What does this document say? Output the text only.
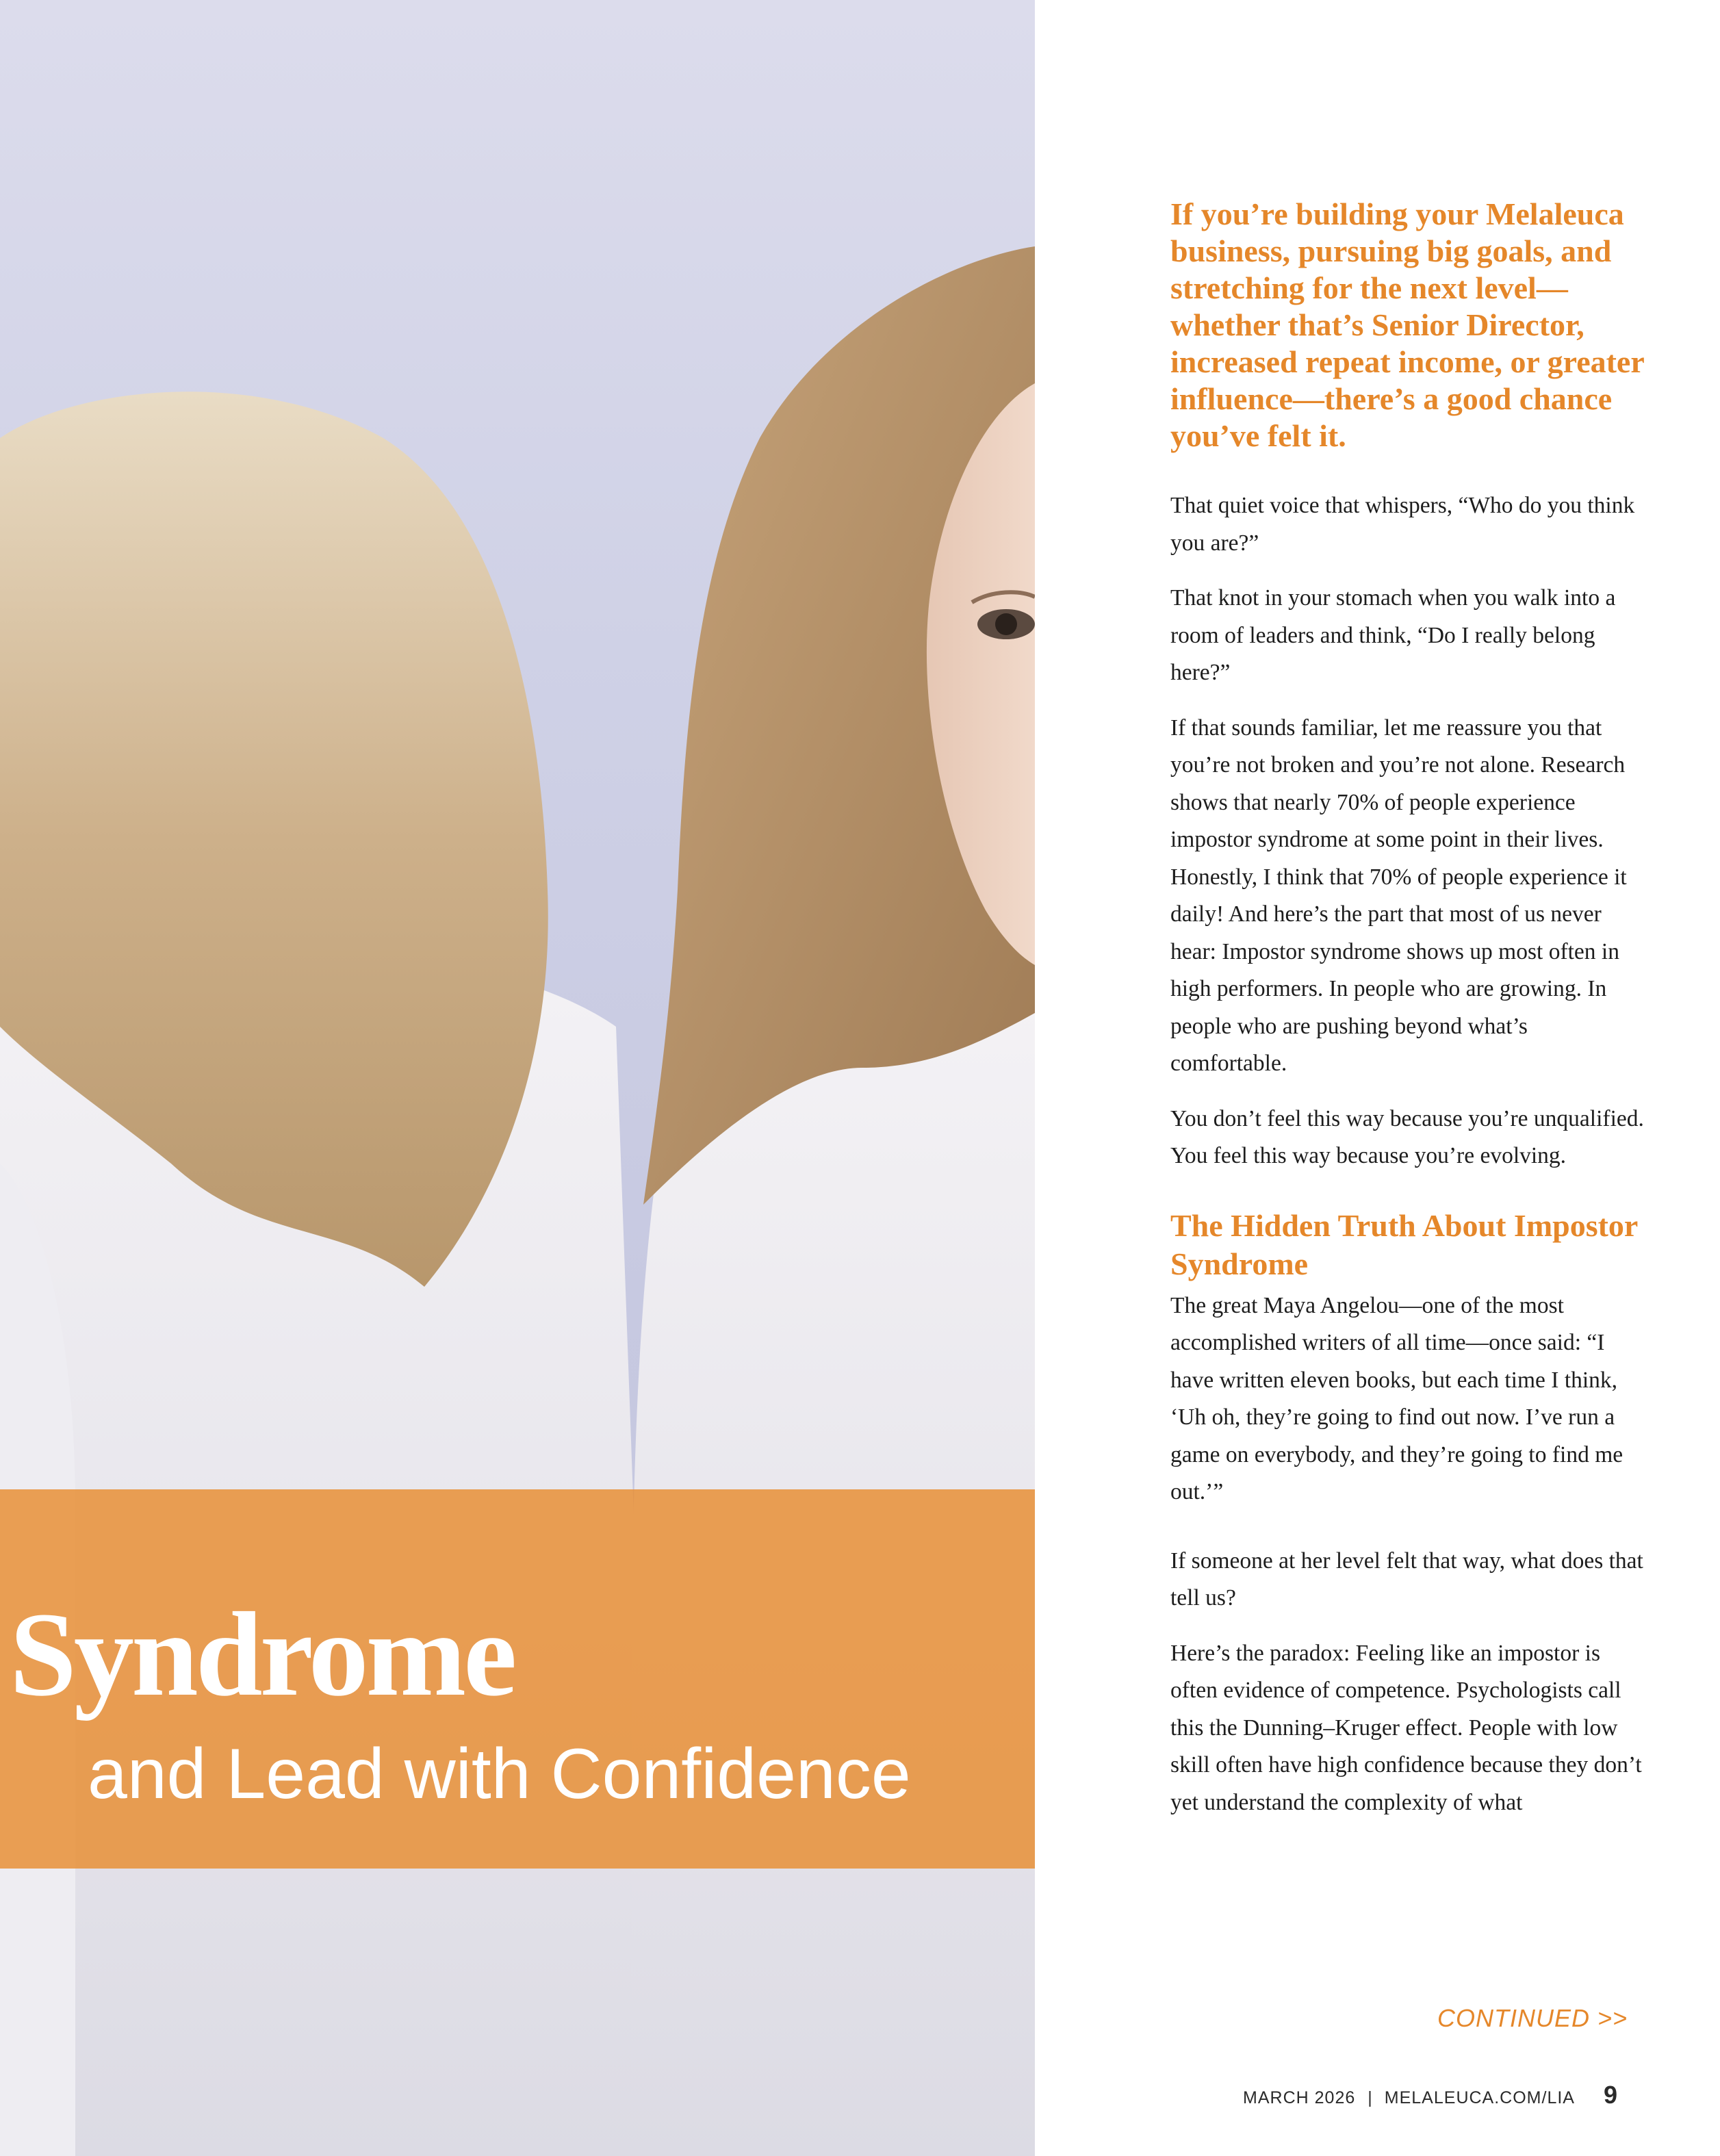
Syndrome
and Lead with Confidence

If you’re building your Melaleuca business, pursuing big goals, and stretching for the next level—whether that’s Senior Director, increased repeat income, or greater influence—there’s a good chance you’ve felt it.

That quiet voice that whispers, “Who do you think you are?”

That knot in your stomach when you walk into a room of leaders and think, “Do I really belong here?”

If that sounds familiar, let me reassure you that you’re not broken and you’re not alone. Research shows that nearly 70% of people experience impostor syndrome at some point in their lives. Honestly, I think that 70% of people experience it daily! And here’s the part that most of us never hear: Impostor syndrome shows up most often in high performers. In people who are growing. In people who are pushing beyond what’s comfortable.

You don’t feel this way because you’re unqualified. You feel this way because you’re evolving.

The Hidden Truth About Impostor Syndrome

The great Maya Angelou—one of the most accomplished writers of all time—once said: “I have written eleven books, but each time I think, ‘Uh oh, they’re going to find out now. I’ve run a game on everybody, and they’re going to find me out.’”

If someone at her level felt that way, what does that tell us?

Here’s the paradox: Feeling like an impostor is often evidence of competence. Psychologists call this the Dunning–Kruger effect. People with low skill often have high confidence because they don’t yet understand the complexity of what

CONTINUED >>
MARCH 2026 | MELALEUCA.COM/LIA 9
